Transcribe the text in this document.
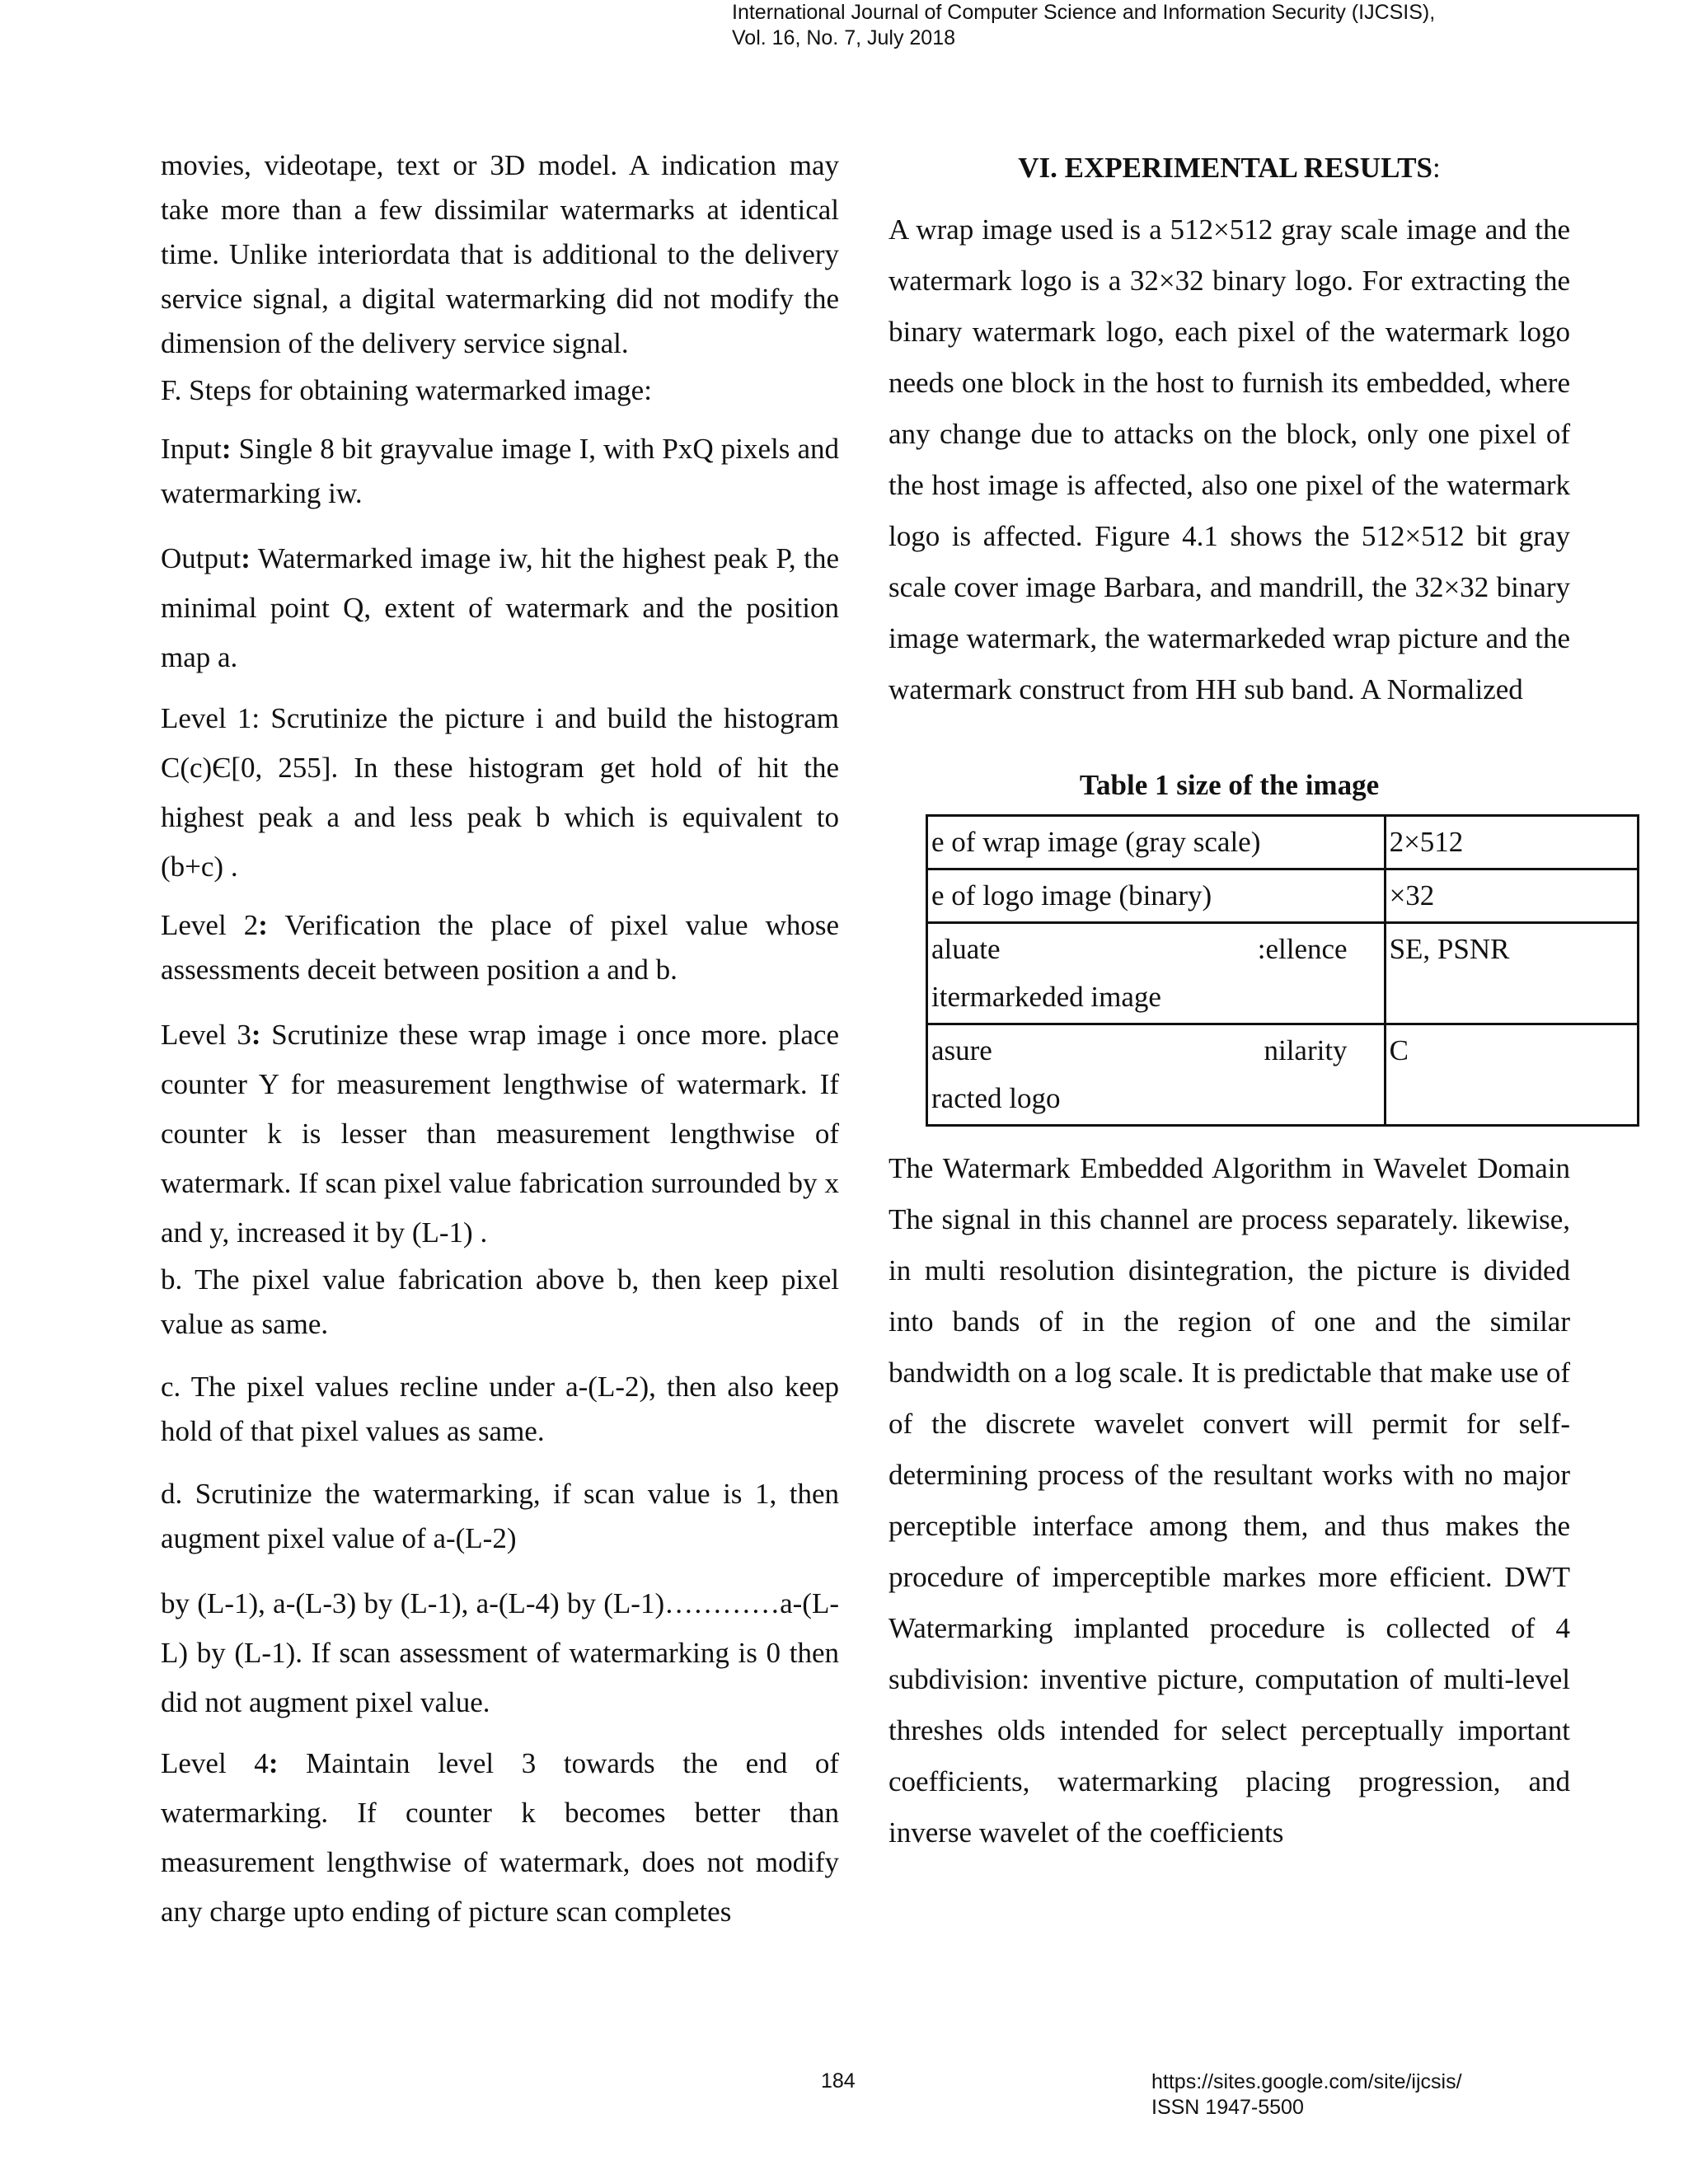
International Journal of Computer Science and Information Security (IJCSIS),
Vol. 16, No. 7, July 2018

movies, videotape, text or 3D model. A indication may take more than a few dissimilar watermarks at identical time. Unlike interiordata that is additional to the delivery service signal, a digital watermarking did not modify the dimension of the delivery service signal.

F. Steps for obtaining watermarked image:

Input: Single 8 bit grayvalue image I, with PxQ pixels and watermarking iw.

Output: Watermarked image iw, hit the highest peak P, the minimal point Q, extent of watermark and the position map a.

Level 1: Scrutinize the picture i and build the histogram C(c)Є[0, 255]. In these histogram get hold of hit the highest peak a and less peak b which is equivalent to (b+c) .

Level 2: Verification the place of pixel value whose assessments deceit between position a and b.

Level 3: Scrutinize these wrap image i once more. place counter Y for measurement lengthwise of watermark. If counter k is lesser than measurement lengthwise of watermark. If scan pixel value fabrication surrounded by x and y, increased it by (L-1) .

b. The pixel value fabrication above b, then keep pixel value as same.

c. The pixel values recline under a-(L-2), then also keep hold of that pixel values as same.

d. Scrutinize the watermarking, if scan value is 1, then augment pixel value of a-(L-2)

by (L-1), a-(L-3) by (L-1), a-(L-4) by (L-1)…………a-(L-L) by (L-1). If scan assessment of watermarking is 0 then did not augment pixel value.

Level 4: Maintain level 3 towards the end of watermarking. If counter k becomes better than measurement lengthwise of watermark, does not modify any charge upto ending of picture scan completes

VI. EXPERIMENTAL RESULTS:

A wrap image used is a 512×512 gray scale image and the watermark logo is a 32×32 binary logo. For extracting the binary watermark logo, each pixel of the watermark logo needs one block in the host to furnish its embedded, where any change due to attacks on the block, only one pixel of the host image is affected, also one pixel of the watermark logo is affected. Figure 4.1 shows the 512×512 bit gray scale cover image Barbara, and mandrill, the 32×32 binary image watermark, the watermarkeded wrap picture and the watermark construct from HH sub band. A Normalized

Table 1 size of the image
e of wrap image (gray scale)	2×512

e of logo image (binary)	×32

aluate :ellence
itermarkeded image	SE, PSNR

asure nilarity
racted logo	C

The Watermark Embedded Algorithm in Wavelet Domain The signal in this channel are process separately. likewise, in multi resolution disintegration, the picture is divided into bands of in the region of one and the similar bandwidth on a log scale. It is predictable that make use of of the discrete wavelet convert will permit for self-determining process of the resultant works with no major perceptible interface among them, and thus makes the procedure of imperceptible markes more efficient. DWT Watermarking implanted procedure is collected of 4 subdivision: inventive picture, computation of multi-level threshes olds intended for select perceptually important coefficients, watermarking placing progression, and inverse wavelet of the coefficients

184	https://sites.google.com/site/ijcsis/
ISSN 1947-5500
